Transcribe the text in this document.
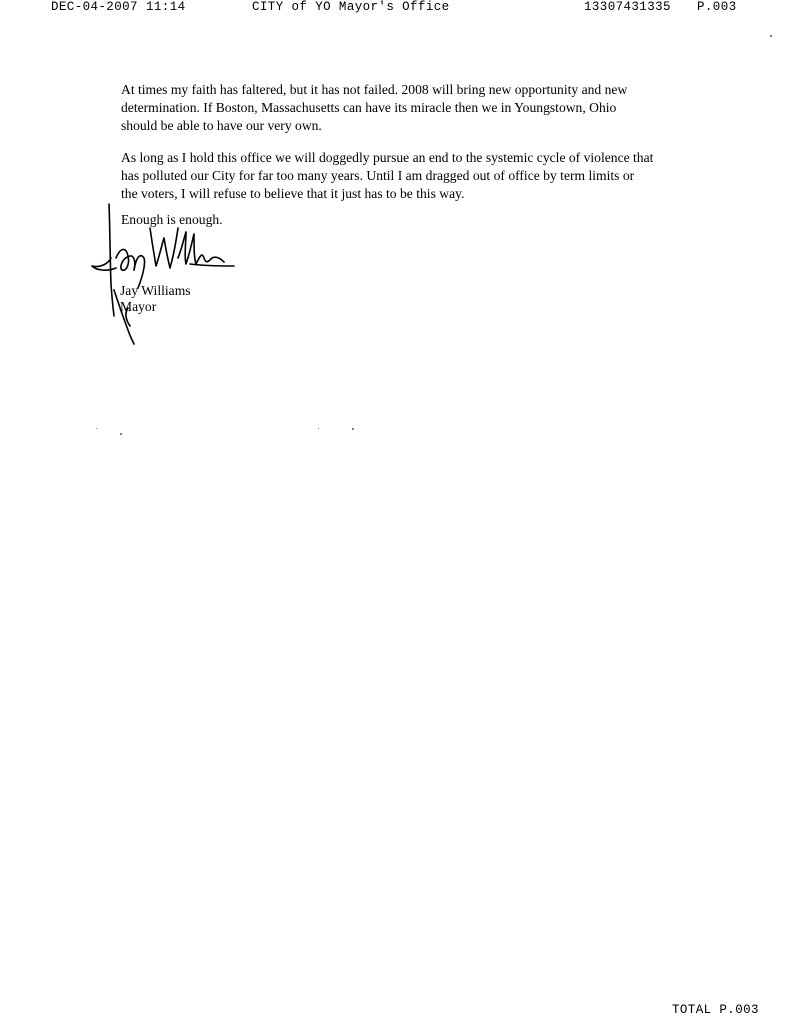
DEC-04-2007 11:14	CITY of YO Mayor's Office	13307431335 P.003

At times my faith has faltered, but it has not failed. 2008 will bring new opportunity and new
determination. If Boston, Massachusetts can have its miracle then we in Youngstown, Ohio
should be able to have our very own.

As long as I hold this office we will doggedly pursue an end to the systemic cycle of violence that
has polluted our City for far too many years. Until I am dragged out of office by term limits or
the voters, I will refuse to believe that it just has to be this way.

Enough is enough.
Jay Williams
Mayor
TOTAL P.003
